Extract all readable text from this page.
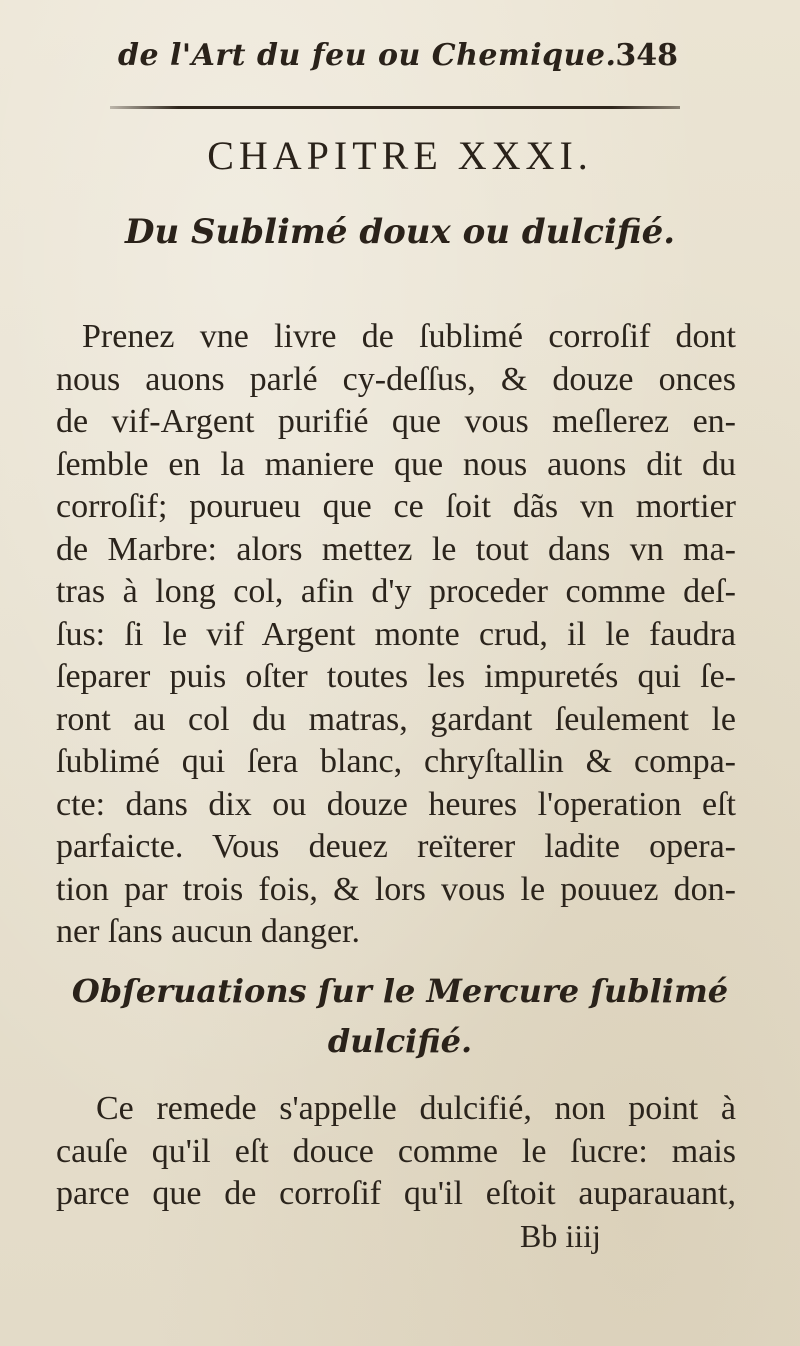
de l'Art du feu ou Chemique.
348
CHAPITRE XXXI.
Du Sublimé doux ou dulcifié.
Prenez vne livre de ſublimé corroſif dont
nous auons parlé cy-deſſus, & douze onces
de vif-Argent purifié que vous meſlerez en-
ſemble en la maniere que nous auons dit du
corroſif; pourueu que ce ſoit dãs vn mortier
de Marbre: alors mettez le tout dans vn ma-
tras à long col, afin d'y proceder comme deſ-
ſus: ſi le vif Argent monte crud, il le faudra
ſeparer puis oſter toutes les impuretés qui ſe-
ront au col du matras, gardant ſeulement le
ſublimé qui ſera blanc, chryſtallin & compa-
cte: dans dix ou douze heures l'operation eſt
parfaicte. Vous deuez reïterer ladite opera-
tion par trois fois, & lors vous le pouuez don-
ner ſans aucun danger.
Obſeruations ſur le Mercure ſublimé
dulcifié.
Ce remede s'appelle dulcifié, non point à
cauſe qu'il eſt douce comme le ſucre: mais
parce que de corroſif qu'il eſtoit auparauant,
Bb iiij
